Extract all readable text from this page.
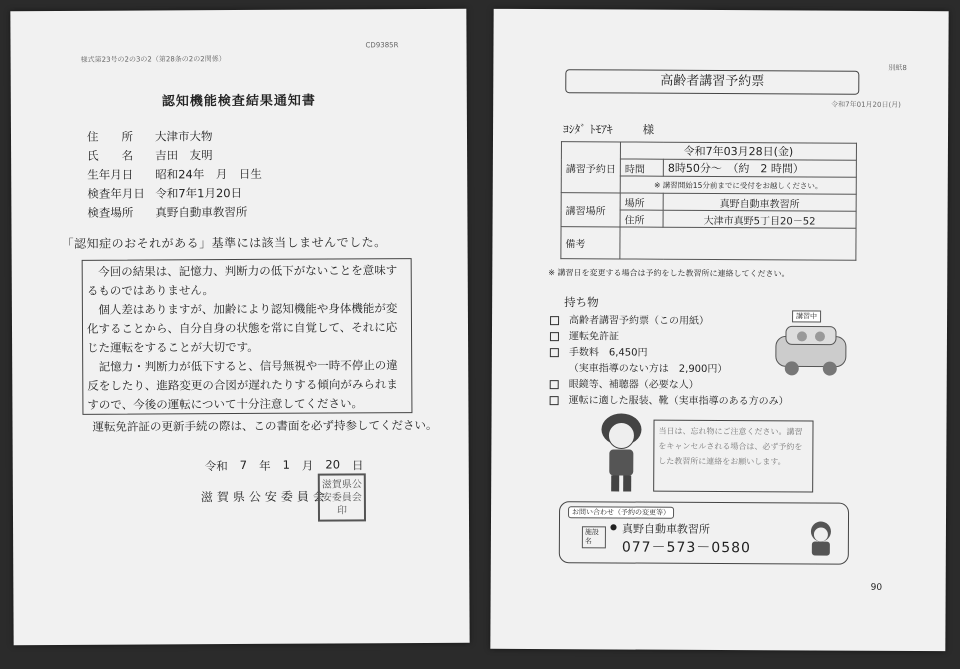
様式第23号の2の3の2（第28条の2の2関係）
CD9385R
認知機能検査結果通知書
住　　所	大津市大物
氏　　名	吉田　友明
生年月日	昭和24年　月　日生
検査年月日 令和7年1月20日
検査場所	真野自動車教習所
「認知症のおそれがある」基準には該当しませんでした。

今回の結果は、記憶力、判断力の低下がないことを意味するものではありません。

個人差はありますが、加齢により認知機能や身体機能が変化することから、自分自身の状態を常に自覚して、それに応じた運転をすることが大切です。

記憶力・判断力が低下すると、信号無視や一時不停止の違反をしたり、進路変更の合図が遅れたりする傾向がみられますので、今後の運転について十分注意してください。

運転免許証の更新手続の際は、この書面を必ず持参してください。
令和 7 年 1 月 20 日
滋賀県公安委員会
滋賀県公安委員会印
別紙8
高齢者講習予約票
令和7年01月20日(月)
ﾖｼﾀﾞ ﾄﾓｱｷ	様
講習予約日	令和7年03月28日(金)	
	時間	8時50分～　（約　2 時間）
	※ 講習開始15分前までに受付をお越しください。	
講習場所	場所	真野自動車教習所
	住所	大津市真野5丁目20－52
備考		
※ 講習日を変更する場合は予約をした教習所に連絡してください。
持ち物
高齢者講習予約票（この用紙）
運転免許証
手数料　6,450円
（実車指導のない方は　2,900円）
眼鏡等、補聴器（必要な人）
運転に適した服装、靴（実車指導のある方のみ）
講習中
当日は、忘れ物にご注意ください。講習をキャンセルされる場合は、必ず予約をした教習所に連絡をお願いします。
お問い合わせ（予約の変更等）
施設名
● 真野自動車教習所
077－573－0580
90
